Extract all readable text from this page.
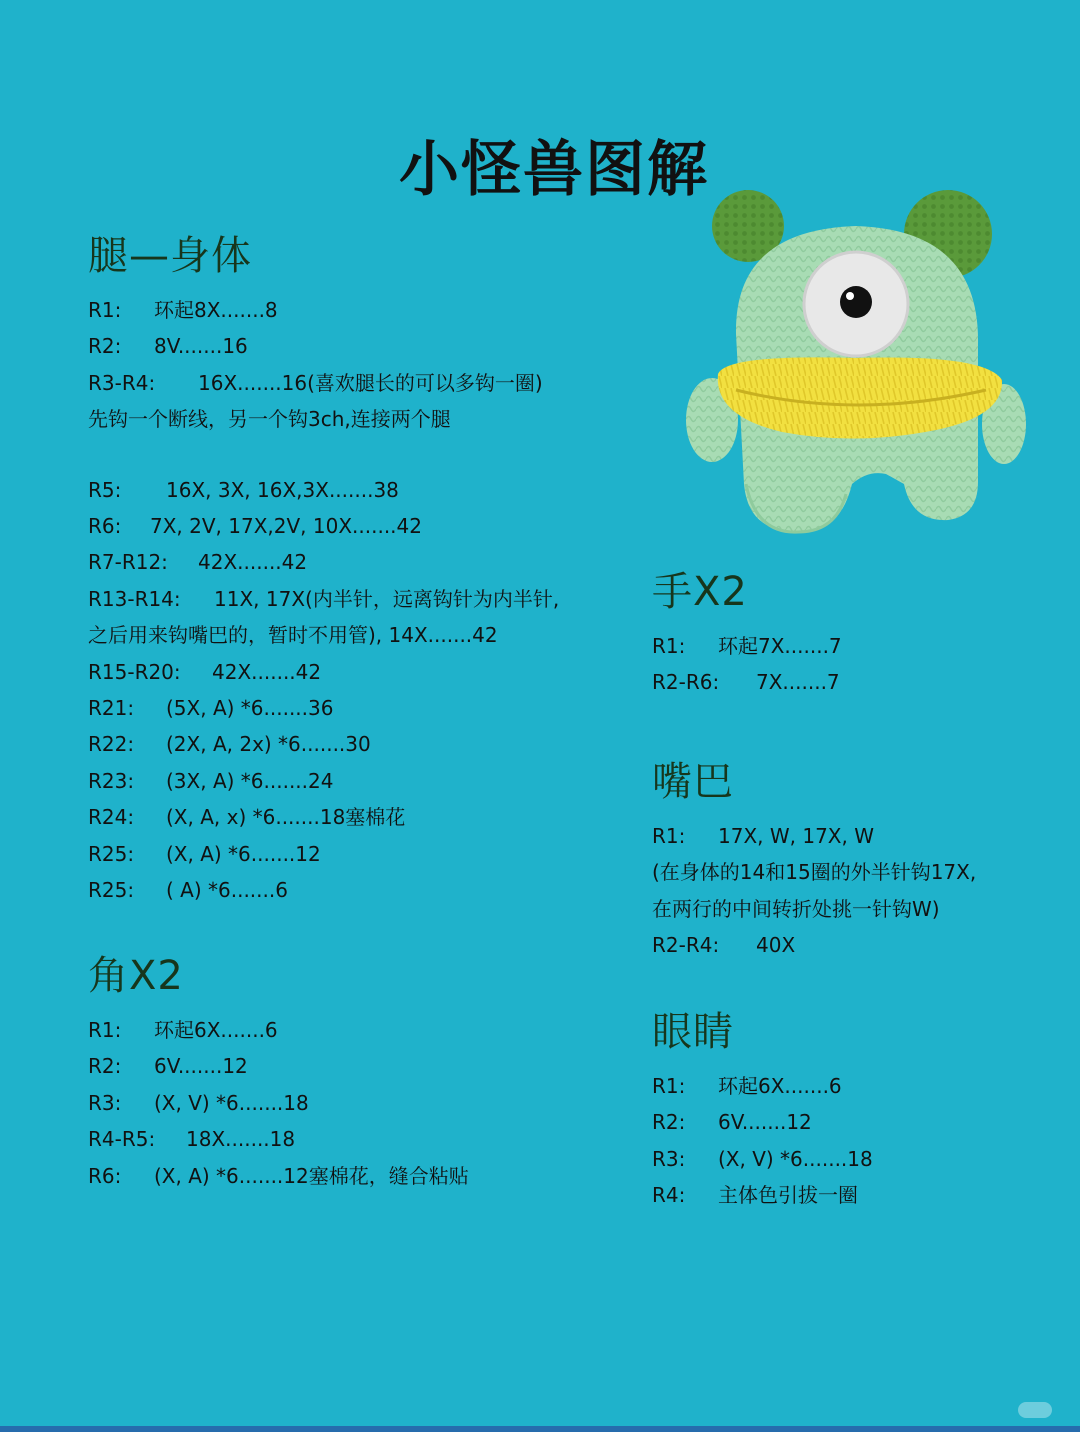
小怪兽图解
腿—身体
R1:	环起8X.......8
R2:	8V.......16
R3-R4:	16X.......16(喜欢腿长的可以多钩一圈)
先钩一个断线，另一个钩3ch,连接两个腿
R5:	16X, 3X, 16X,3X.......38
R6:	7X, 2V, 17X,2V, 10X.......42
R7-R12:	42X.......42
R13-R14:	11X, 17X(内半针，远离钩针为内半针,
之后用来钩嘴巴的，暂时不用管), 14X.......42
R15-R20:	42X.......42
R21:	(5X, A) *6.......36
R22:	(2X, A, 2x) *6.......30
R23:	(3X, A) *6.......24
R24:	(X, A, x) *6.......18塞棉花
R25:	(X, A) *6.......12
R25:	( A) *6.......6
角X2
R1:	环起6X.......6
R2:	6V.......12
R3:	(X, V) *6.......18
R4-R5:	18X.......18
R6:	(X, A) *6.......12塞棉花，缝合粘贴
手X2
R1:	环起7X.......7
R2-R6:	7X.......7
嘴巴
R1:	17X, W, 17X, W
(在身体的14和15圈的外半针钩17X,
在两行的中间转折处挑一针钩W)
R2-R4:	40X
眼睛
R1:	环起6X.......6
R2:	6V.......12
R3:	(X, V) *6.......18
R4:	主体色引拔一圈
